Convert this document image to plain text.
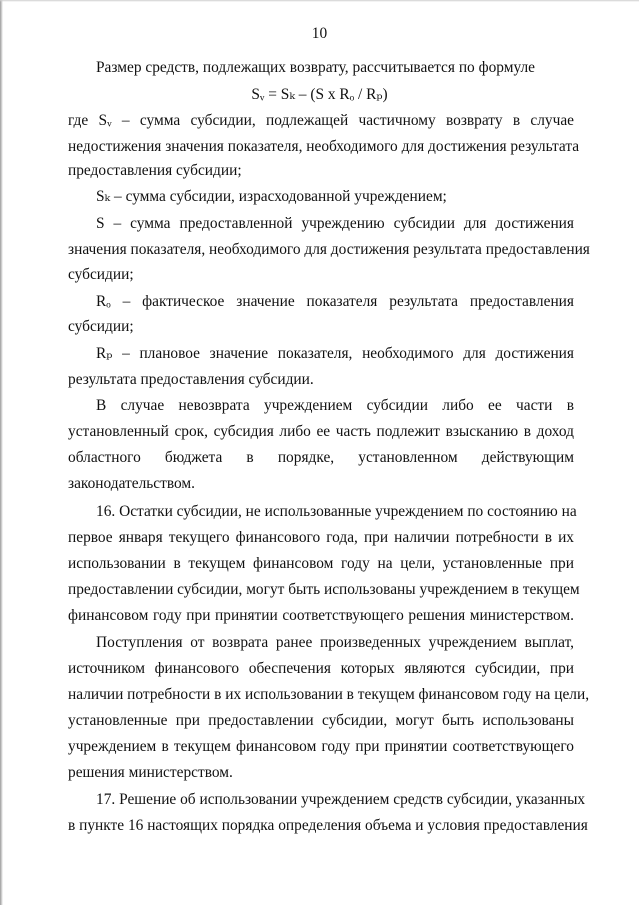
10
Размер средств, подлежащих возврату, рассчитывается по формуле
Sᵥ = Sₖ – (S x Rₒ / Rₚ)
где Sᵥ – сумма субсидии, подлежащей частичному возврату в случае
недостижения значения показателя, необходимого для достижения результата
предоставления субсидии;
Sₖ – сумма субсидии, израсходованной учреждением;
S – сумма предоставленной учреждению субсидии для достижения
значения показателя, необходимого для достижения результата предоставления
субсидии;
Rₒ – фактическое значение показателя результата предоставления
субсидии;
Rₚ – плановое значение показателя, необходимого для достижения
результата предоставления субсидии.
В случае невозврата учреждением субсидии либо ее части в
установленный срок, субсидия либо ее часть подлежит взысканию в доход
областного бюджета в порядке, установленном действующим
законодательством.
16. Остатки субсидии, не использованные учреждением по состоянию на
первое января текущего финансового года, при наличии потребности в их
использовании в текущем финансовом году на цели, установленные при
предоставлении субсидии, могут быть использованы учреждением в текущем
финансовом году при принятии соответствующего решения министерством.
Поступления от возврата ранее произведенных учреждением выплат,
источником финансового обеспечения которых являются субсидии, при
наличии потребности в их использовании в текущем финансовом году на цели,
установленные при предоставлении субсидии, могут быть использованы
учреждением в текущем финансовом году при принятии соответствующего
решения министерством.
17. Решение об использовании учреждением средств субсидии, указанных
в пункте 16 настоящих порядка определения объема и условия предоставления
